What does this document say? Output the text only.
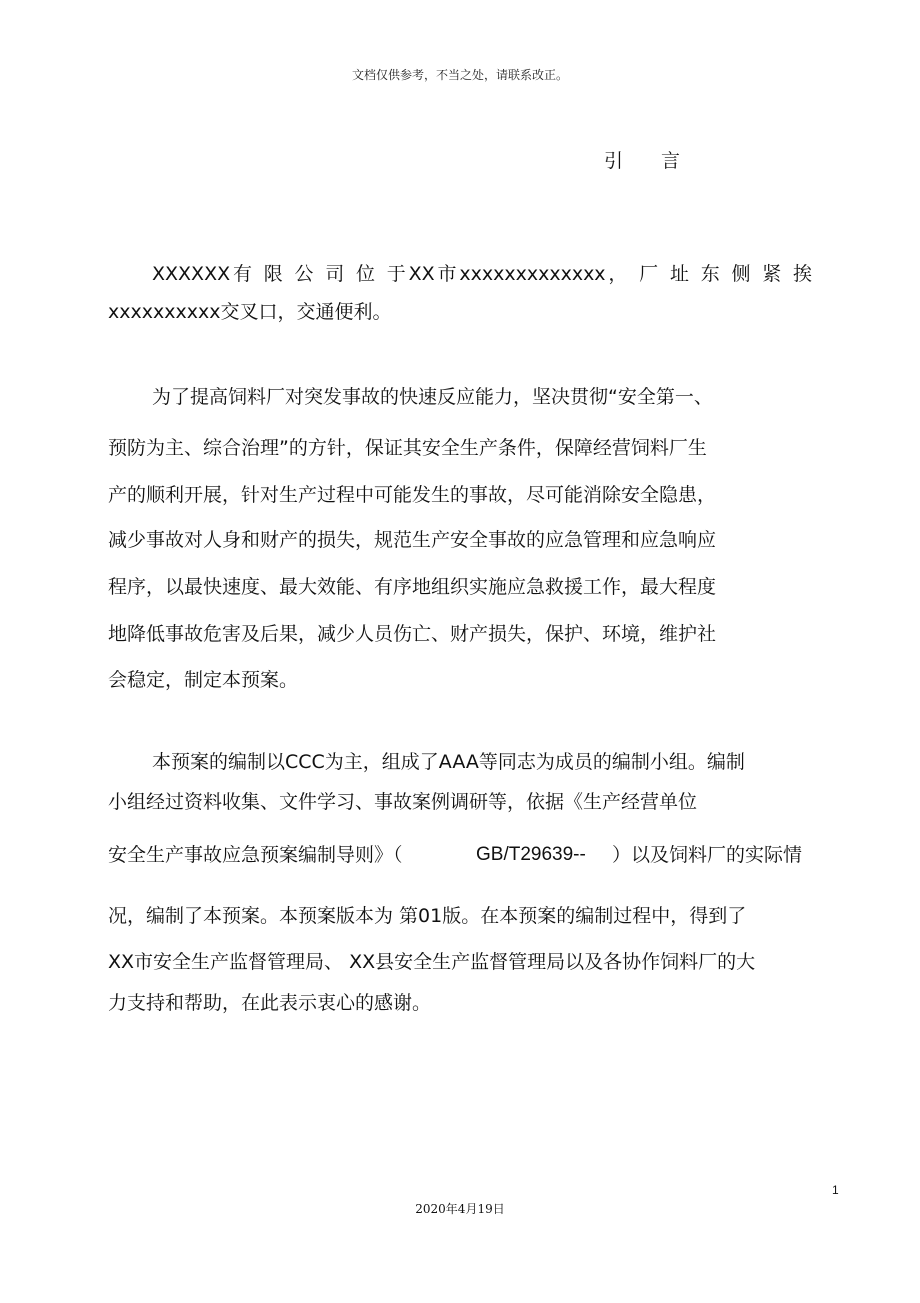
文档仅供参考，不当之处，请联系改正。
引言
XXXXXX有 限 公 司 位 于XX市xxxxxxxxxxxxx， 厂 址 东 侧 紧 挨
xxxxxxxxxx交叉口，交通便利。
为了提高饲料厂对突发事故的快速反应能力，坚决贯彻“安全第一、
预防为主、综合治理”的方针，保证其安全生产条件，保障经营饲料厂生
产的顺利开展，针对生产过程中可能发生的事故，尽可能消除安全隐患，
减少事故对人身和财产的损失，规范生产安全事故的应急管理和应急响应
程序，以最快速度、最大效能、有序地组织实施应急救援工作，最大程度
地降低事故危害及后果，减少人员伤亡、财产损失，保护、环境，维护社
会稳定，制定本预案。
本预案的编制以CCC为主，组成了AAA等同志为成员的编制小组。编制
小组经过资料收集、文件学习、事故案例调研等，依据《生产经营单位
安全生产事故应急预案编制导则》（	GB/T29639-- ）以及饲料厂的实际情
况，编制了本预案。本预案版本为 第01版。在本预案的编制过程中，得到了
XX市安全生产监督管理局、 XX县安全生产监督管理局以及各协作饲料厂的大
力支持和帮助，在此表示衷心的感谢。
1
2020年4月19日
